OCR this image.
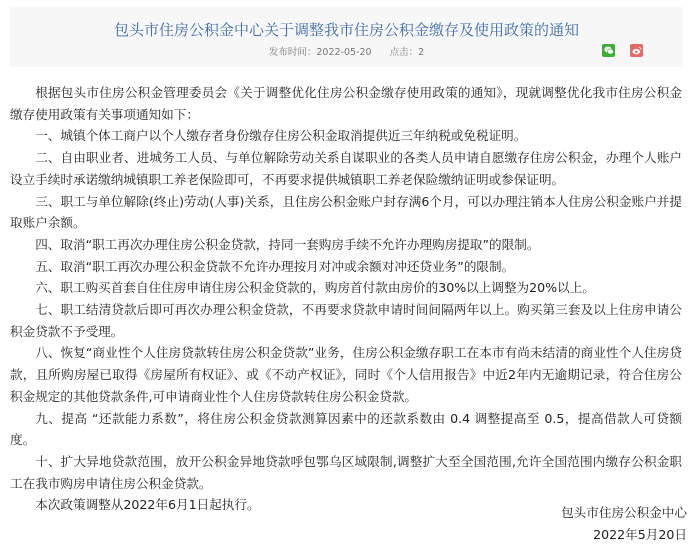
包头市住房公积金中心关于调整我市住房公积金缴存及使用政策的通知
发布时间：2022-05-20 点击：2

根据包头市住房公积金管理委员会《关于调整优化住房公积金缴存使用政策的通知》，现就调整优化我市住房公积金缴存使用政策有关事项通知如下：

一、城镇个体工商户以个人缴存者身份缴存住房公积金取消提供近三年纳税或免税证明。

二、自由职业者、进城务工人员、与单位解除劳动关系自谋职业的各类人员申请自愿缴存住房公积金，办理个人账户设立手续时承诺缴纳城镇职工养老保险即可，不再要求提供城镇职工养老保险缴纳证明或参保证明。

三、职工与单位解除(终止)劳动(人事)关系，且住房公积金账户封存满6个月，可以办理注销本人住房公积金账户并提取账户余额。

四、取消“职工再次办理住房公积金贷款，持同一套购房手续不允许办理购房提取”的限制。

五、取消“职工再次办理公积金贷款不允许办理按月对冲或余额对冲还贷业务”的限制。

六、职工购买首套自住住房申请住房公积金贷款的，购房首付款由房价的30%以上调整为20%以上。

七、职工结清贷款后即可再次办理公积金贷款，不再要求贷款申请时间间隔两年以上。购买第三套及以上住房申请公积金贷款不予受理。

八、恢复“商业性个人住房贷款转住房公积金贷款”业务，住房公积金缴存职工在本市有尚未结清的商业性个人住房贷款，且所购房屋已取得《房屋所有权证》、或《不动产权证》，同时《个人信用报告》中近2年内无逾期记录，符合住房公积金规定的其他贷款条件,可申请商业性个人住房贷款转住房公积金贷款。

九、提高 “还款能力系数”，将住房公积金贷款测算因素中的还款系数由 0.4 调整提高至 0.5，提高借款人可贷额度。

十、扩大异地贷款范围，放开公积金异地贷款呼包鄂乌区域限制,调整扩大至全国范围,允许全国范围内缴存公积金职工在我市购房申请住房公积金贷款。

本次政策调整从2022年6月1日起执行。

包头市住房公积金中心
2022年5月20日
